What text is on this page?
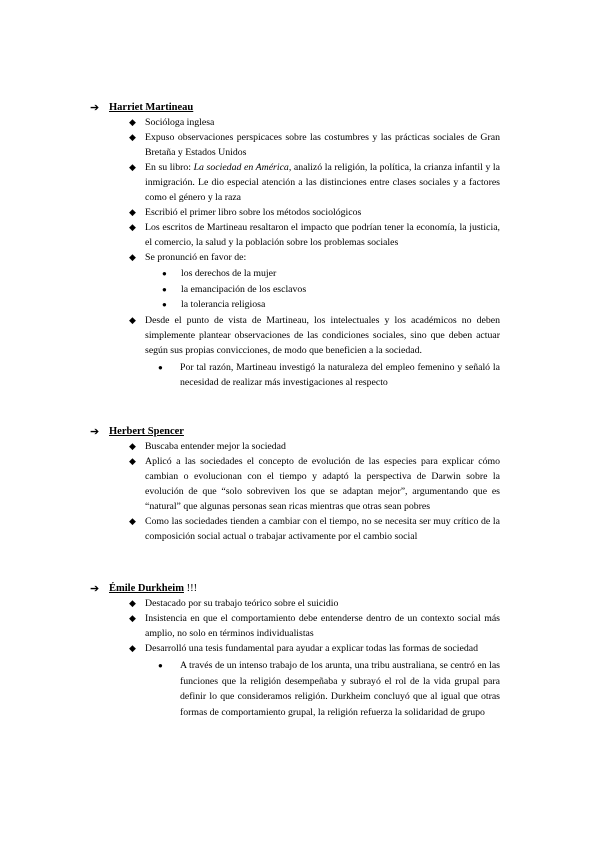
➔ Harriet Martineau
◆ Socióloga inglesa
◆ Expuso observaciones perspicaces sobre las costumbres y las prácticas sociales de Gran Bretaña y Estados Unidos
◆ En su libro: La sociedad en América, analizó la religión, la política, la crianza infantil y la inmigración. Le dio especial atención a las distinciones entre clases sociales y a factores como el género y la raza
◆ Escribió el primer libro sobre los métodos sociológicos
◆ Los escritos de Martineau resaltaron el impacto que podrían tener la economía, la justicia, el comercio, la salud y la población sobre los problemas sociales
◆ Se pronunció en favor de:
● los derechos de la mujer
● la emancipación de los esclavos
● la tolerancia religiosa
◆ Desde el punto de vista de Martineau, los intelectuales y los académicos no deben simplemente plantear observaciones de las condiciones sociales, sino que deben actuar según sus propias convicciones, de modo que beneficien a la sociedad.
● Por tal razón, Martineau investigó la naturaleza del empleo femenino y señaló la necesidad de realizar más investigaciones al respecto
➔ Herbert Spencer
◆ Buscaba entender mejor la sociedad
◆ Aplicó a las sociedades el concepto de evolución de las especies para explicar cómo cambian o evolucionan con el tiempo y adaptó la perspectiva de Darwin sobre la evolución de que “solo sobreviven los que se adaptan mejor”, argumentando que es “natural” que algunas personas sean ricas mientras que otras sean pobres
◆ Como las sociedades tienden a cambiar con el tiempo, no se necesita ser muy crítico de la composición social actual o trabajar activamente por el cambio social
➔ Émile Durkheim !!!
◆ Destacado por su trabajo teórico sobre el suicidio
◆ Insistencia en que el comportamiento debe entenderse dentro de un contexto social más amplio, no solo en términos individualistas
◆ Desarrolló una tesis fundamental para ayudar a explicar todas las formas de sociedad
● A través de un intenso trabajo de los arunta, una tribu australiana, se centró en las funciones que la religión desempeñaba y subrayó el rol de la vida grupal para definir lo que consideramos religión. Durkheim concluyó que al igual que otras formas de comportamiento grupal, la religión refuerza la solidaridad de grupo
